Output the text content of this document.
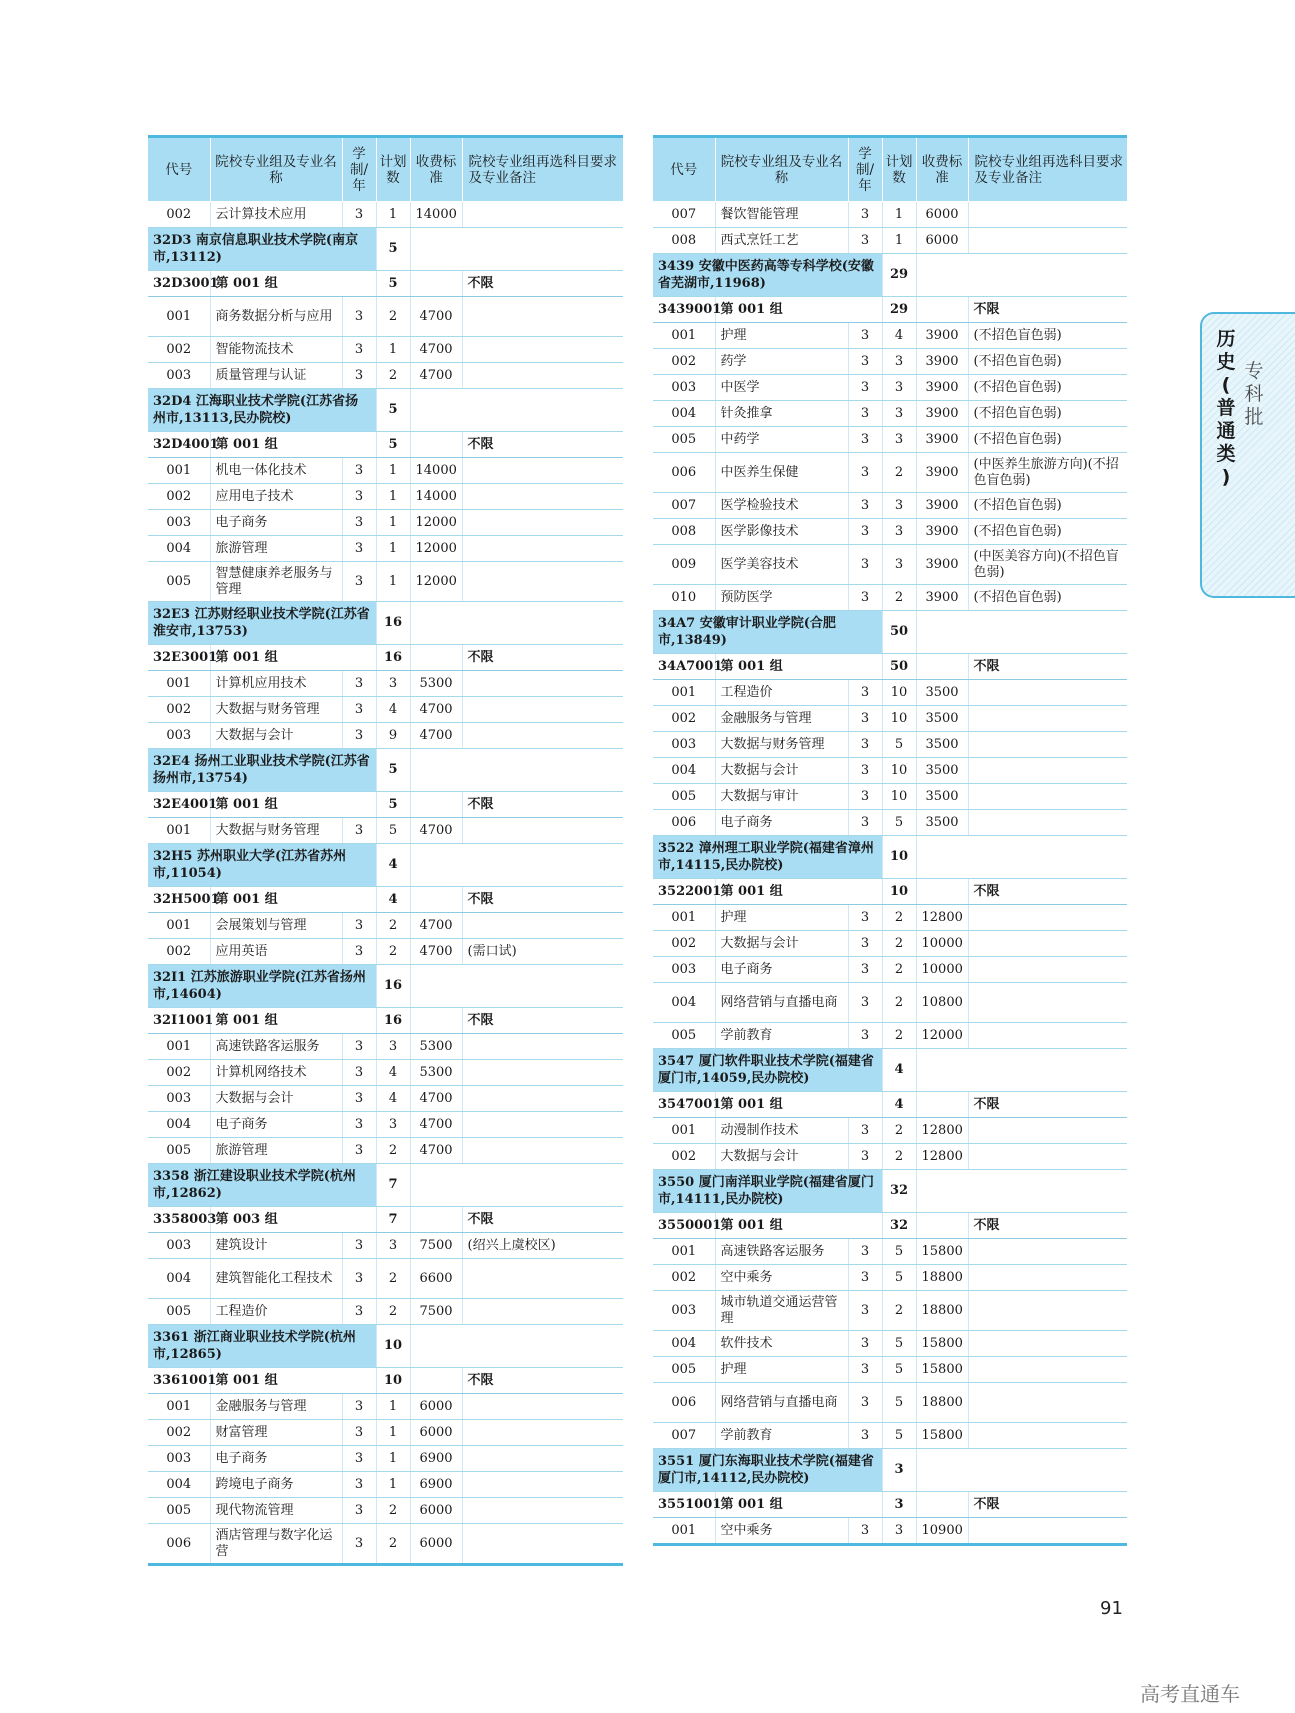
代号	院校专业组及专业名称	学制/年	计划数	收费标准	院校专业组再选科目要求及专业备注
002	云计算技术应用	3	1	14000	
32D3 南京信息职业技术学院(南京市,13112)			5		
32D3001	第 001 组		5		不限
001	商务数据分析与应用	3	2	4700	
002	智能物流技术	3	1	4700	
003	质量管理与认证	3	2	4700	
32D4 江海职业技术学院(江苏省扬州市,13113,民办院校)			5		
32D4001	第 001 组		5		不限
001	机电一体化技术	3	1	14000	
002	应用电子技术	3	1	14000	
003	电子商务	3	1	12000	
004	旅游管理	3	1	12000	
005	智慧健康养老服务与管理	3	1	12000	
32E3 江苏财经职业技术学院(江苏省淮安市,13753)			16		
32E3001	第 001 组		16		不限
001	计算机应用技术	3	3	5300	
002	大数据与财务管理	3	4	4700	
003	大数据与会计	3	9	4700	
32E4 扬州工业职业技术学院(江苏省扬州市,13754)			5		
32E4001	第 001 组		5		不限
001	大数据与财务管理	3	5	4700	
32H5 苏州职业大学(江苏省苏州市,11054)			4		
32H5001	第 001 组		4		不限
001	会展策划与管理	3	2	4700	
002	应用英语	3	2	4700	(需口试)
32I1 江苏旅游职业学院(江苏省扬州市,14604)			16		
32I1001	第 001 组		16		不限
001	高速铁路客运服务	3	3	5300	
002	计算机网络技术	3	4	5300	
003	大数据与会计	3	4	4700	
004	电子商务	3	3	4700	
005	旅游管理	3	2	4700	
3358 浙江建设职业技术学院(杭州市,12862)			7		
3358003	第 003 组		7		不限
003	建筑设计	3	3	7500	(绍兴上虞校区)
004	建筑智能化工程技术	3	2	6600	
005	工程造价	3	2	7500	
3361 浙江商业职业技术学院(杭州市,12865)			10		
3361001	第 001 组		10		不限
001	金融服务与管理	3	1	6000	
002	财富管理	3	1	6000	
003	电子商务	3	1	6900	
004	跨境电子商务	3	1	6900	
005	现代物流管理	3	2	6000	
006	酒店管理与数字化运营	3	2	6000	
代号	院校专业组及专业名称	学制/年	计划数	收费标准	院校专业组再选科目要求及专业备注
007	餐饮智能管理	3	1	6000	
008	西式烹饪工艺	3	1	6000	
3439 安徽中医药高等专科学校(安徽省芜湖市,11968)			29		
3439001	第 001 组		29		不限
001	护理	3	4	3900	(不招色盲色弱)
002	药学	3	3	3900	(不招色盲色弱)
003	中医学	3	3	3900	(不招色盲色弱)
004	针灸推拿	3	3	3900	(不招色盲色弱)
005	中药学	3	3	3900	(不招色盲色弱)
006	中医养生保健	3	2	3900	(中医养生旅游方向)(不招色盲色弱)
007	医学检验技术	3	3	3900	(不招色盲色弱)
008	医学影像技术	3	3	3900	(不招色盲色弱)
009	医学美容技术	3	3	3900	(中医美容方向)(不招色盲色弱)
010	预防医学	3	2	3900	(不招色盲色弱)
34A7 安徽审计职业学院(合肥市,13849)			50		
34A7001	第 001 组		50		不限
001	工程造价	3	10	3500	
002	金融服务与管理	3	10	3500	
003	大数据与财务管理	3	5	3500	
004	大数据与会计	3	10	3500	
005	大数据与审计	3	10	3500	
006	电子商务	3	5	3500	
3522 漳州理工职业学院(福建省漳州市,14115,民办院校)			10		
3522001	第 001 组		10		不限
001	护理	3	2	12800	
002	大数据与会计	3	2	10000	
003	电子商务	3	2	10000	
004	网络营销与直播电商	3	2	10800	
005	学前教育	3	2	12000	
3547 厦门软件职业技术学院(福建省厦门市,14059,民办院校)			4		
3547001	第 001 组		4		不限
001	动漫制作技术	3	2	12800	
002	大数据与会计	3	2	12800	
3550 厦门南洋职业学院(福建省厦门市,14111,民办院校)			32		
3550001	第 001 组		32		不限
001	高速铁路客运服务	3	5	15800	
002	空中乘务	3	5	18800	
003	城市轨道交通运营管理	3	2	18800	
004	软件技术	3	5	15800	
005	护理	3	5	15800	
006	网络营销与直播电商	3	5	18800	
007	学前教育	3	5	15800	
3551 厦门东海职业技术学院(福建省厦门市,14112,民办院校)			3		
3551001	第 001 组		3		不限
001	空中乘务	3	3	10900	
历史(普通类)
专科批
91
高考直通车
